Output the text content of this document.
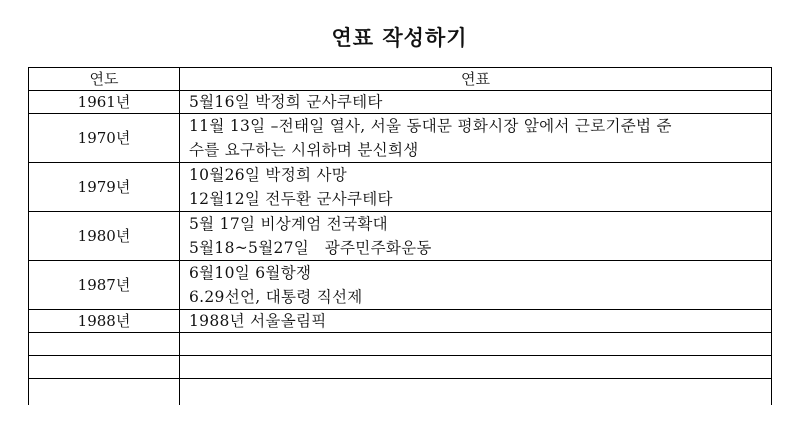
연표 작성하기
연도	연표
1961년	5월16일 박정희 군사쿠테타

1970년	11월 13일 –전태일 열사, 서울 동대문 평화시장 앞에서 근로기준법 준
수를 요구하는 시위하며 분신희생

1979년	10월26일 박정희 사망
12월12일 전두환 군사쿠테타

1980년	5월 17일 비상계엄 전국확대
5월18~5월27일   광주민주화운동

1987년	6월10일 6월항쟁
6.29선언, 대통령 직선제

1988년	1988년 서울올림픽
